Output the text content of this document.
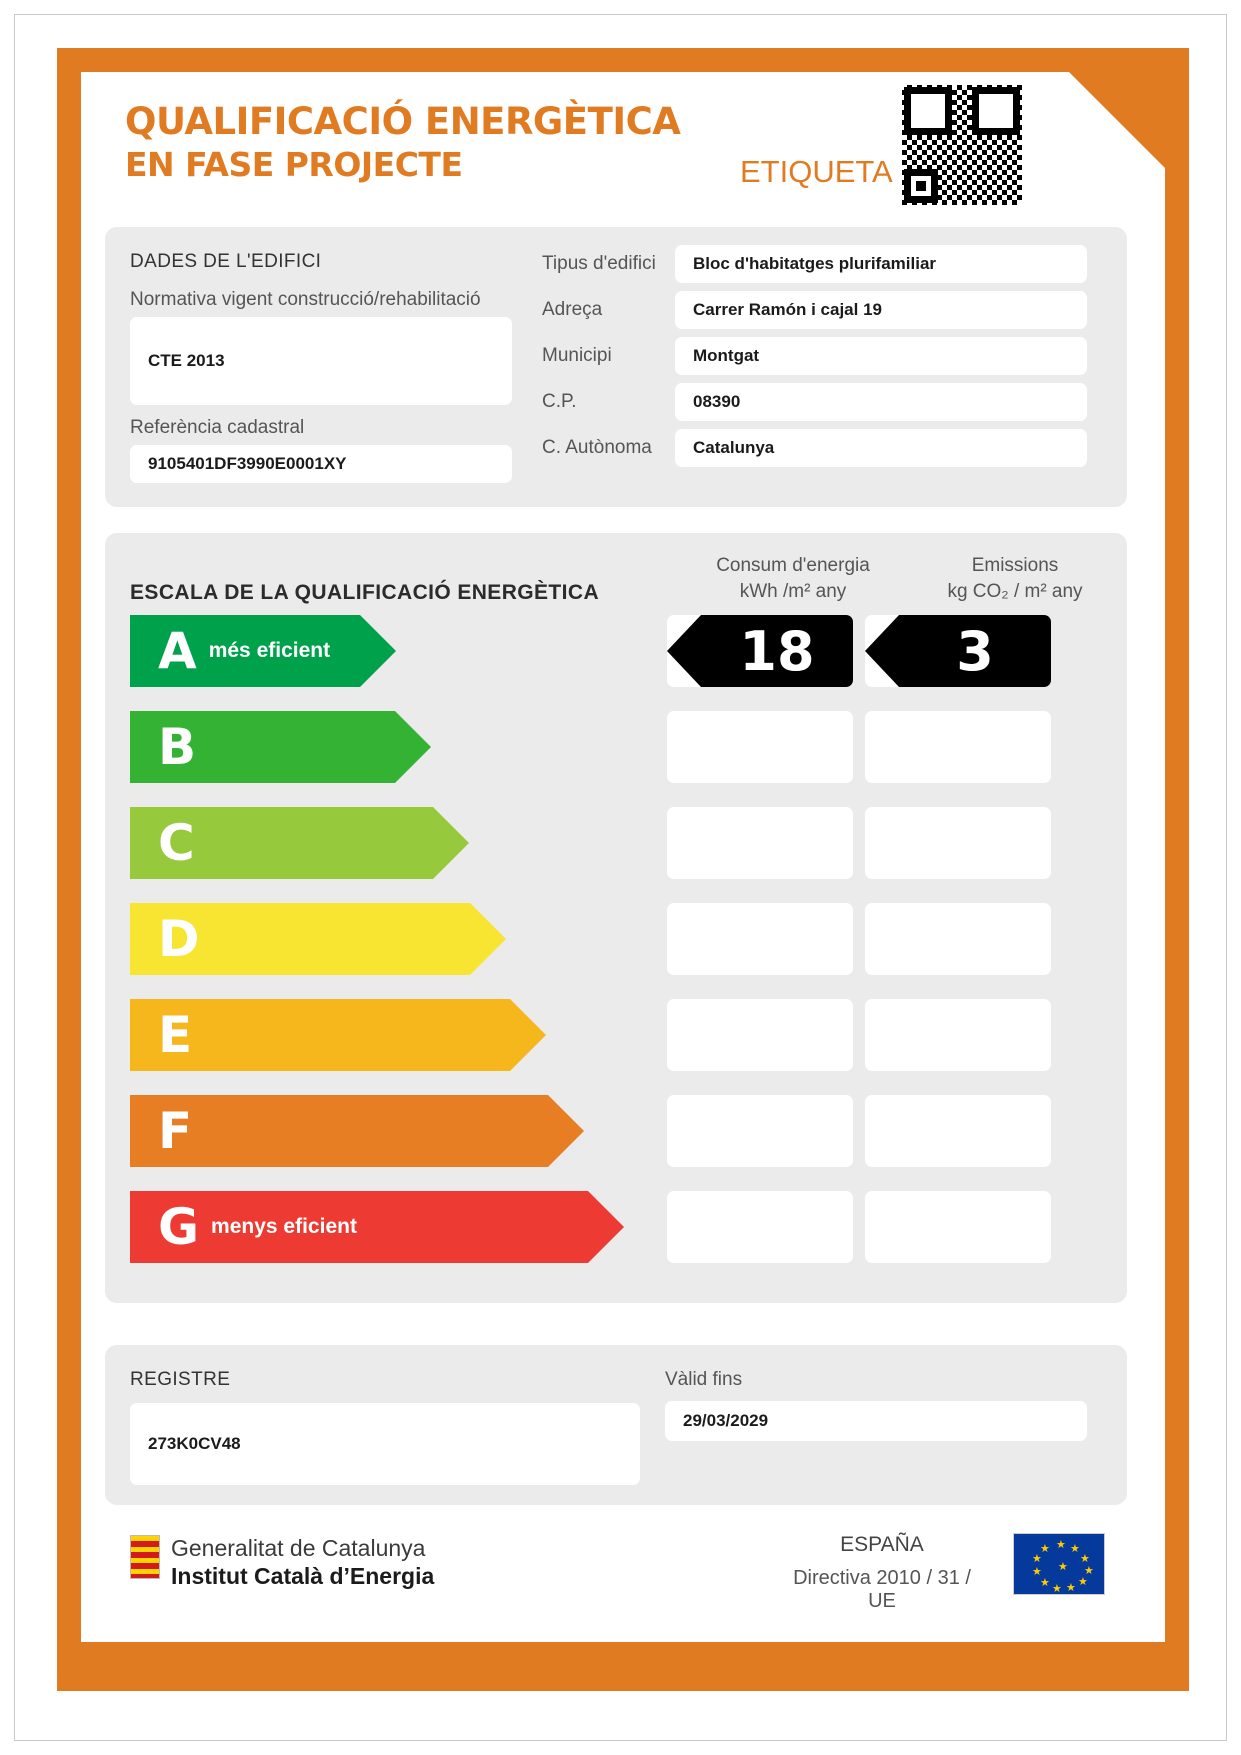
QUALIFICACIÓ ENERGÈTICA
EN FASE PROJECTE	ETIQUETA
DADES DE L'EDIFICI
Normativa vigent construcció/rehabilitació
CTE 2013
Referència cadastral
9105401DF3990E0001XY
Tipus d'edifici	Bloc d'habitatges plurifamiliar
Adreça	Carrer Ramón i cajal 19
Municipi	Montgat
C.P.	08390
C. Autònoma	Catalunya
ESCALA DE LA QUALIFICACIÓ ENERGÈTICA
Consum d'energia
kWh /m² any
Emissions
kg CO₂ / m² any
A més eficient	18	3
B
C
D
E
F
G menys eficient
REGISTRE
273K0CV48
Vàlid fins
29/03/2029
Generalitat de Catalunya
Institut Català d’Energia
ESPAÑA
Directiva 2010 / 31 / UE
★ ★
★
★
★
★
★
★
★
★
★
★
